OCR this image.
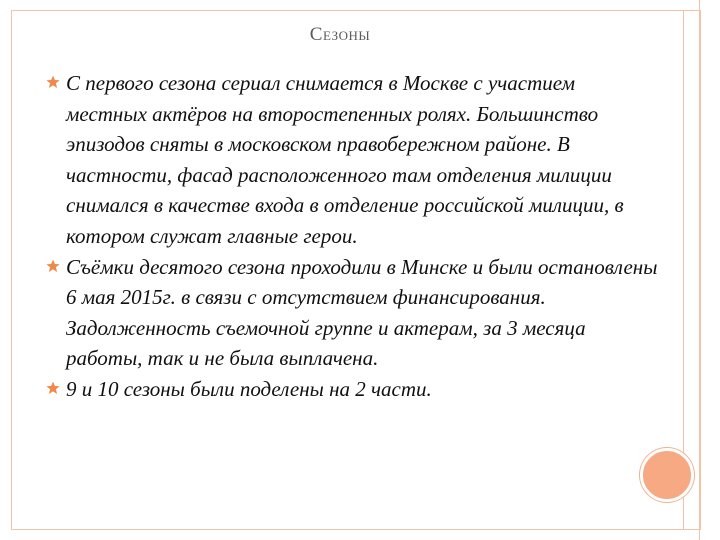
Сезоны

С первого сезона сериал снимается в Москве с участием местных актёров на второстепенных ролях. Большинство эпизодов сняты в московском правобережном районе. В частности, фасад расположенного там отделения милиции снимался в качестве входа в отделение российской милиции, в котором служат главные герои.

Съёмки десятого сезона проходили в Минске и были остановлены 6 мая 2015г. в связи с отсутствием финансирования. Задолженность съемочной группе и актерам, за 3 месяца работы, так и не была выплачена.

9 и 10 сезоны были поделены на 2 части.
